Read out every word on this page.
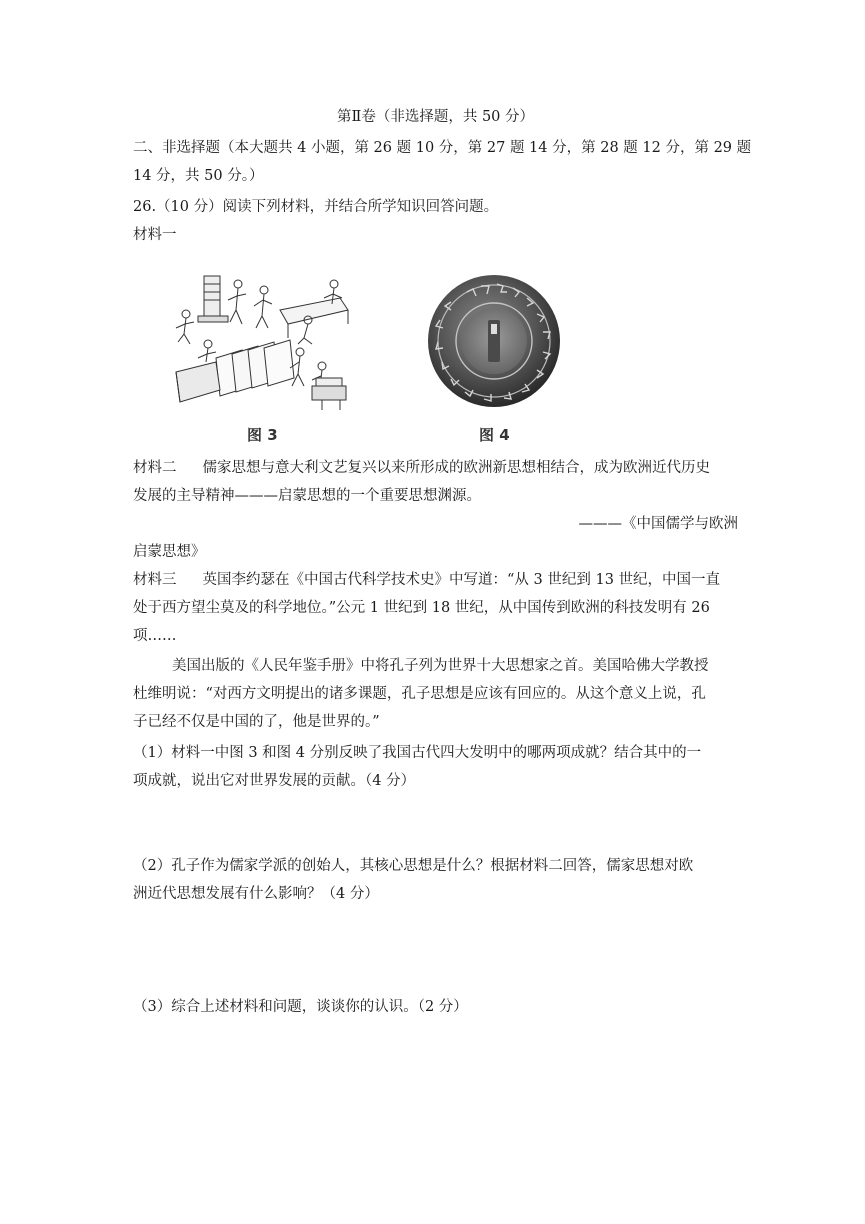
第Ⅱ卷（非选择题，共 50 分）
二、非选择题（本大题共 4 小题，第 26 题 10 分，第 27 题 14 分，第 28 题 12 分，第 29 题
14 分，共 50 分。）
26.（10 分）阅读下列材料，并结合所学知识回答问题。
材料一
图 3	图 4
材料二 儒家思想与意大利文艺复兴以来所形成的欧洲新思想相结合，成为欧洲近代历史
发展的主导精神———启蒙思想的一个重要思想渊源。
———《中国儒学与欧洲
启蒙思想》
材料三 英国李约瑟在《中国古代科学技术史》中写道：“从 3 世纪到 13 世纪，中国一直
处于西方望尘莫及的科学地位。”公元 1 世纪到 18 世纪，从中国传到欧洲的科技发明有 26
项……
美国出版的《人民年鉴手册》中将孔子列为世界十大思想家之首。美国哈佛大学教授
杜维明说：“对西方文明提出的诸多课题，孔子思想是应该有回应的。从这个意义上说，孔
子已经不仅是中国的了，他是世界的。”
（1）材料一中图 3 和图 4 分别反映了我国古代四大发明中的哪两项成就？结合其中的一
项成就，说出它对世界发展的贡献。（4 分）
（2）孔子作为儒家学派的创始人，其核心思想是什么？根据材料二回答，儒家思想对欧
洲近代思想发展有什么影响？（4 分）
（3）综合上述材料和问题，谈谈你的认识。（2 分）
